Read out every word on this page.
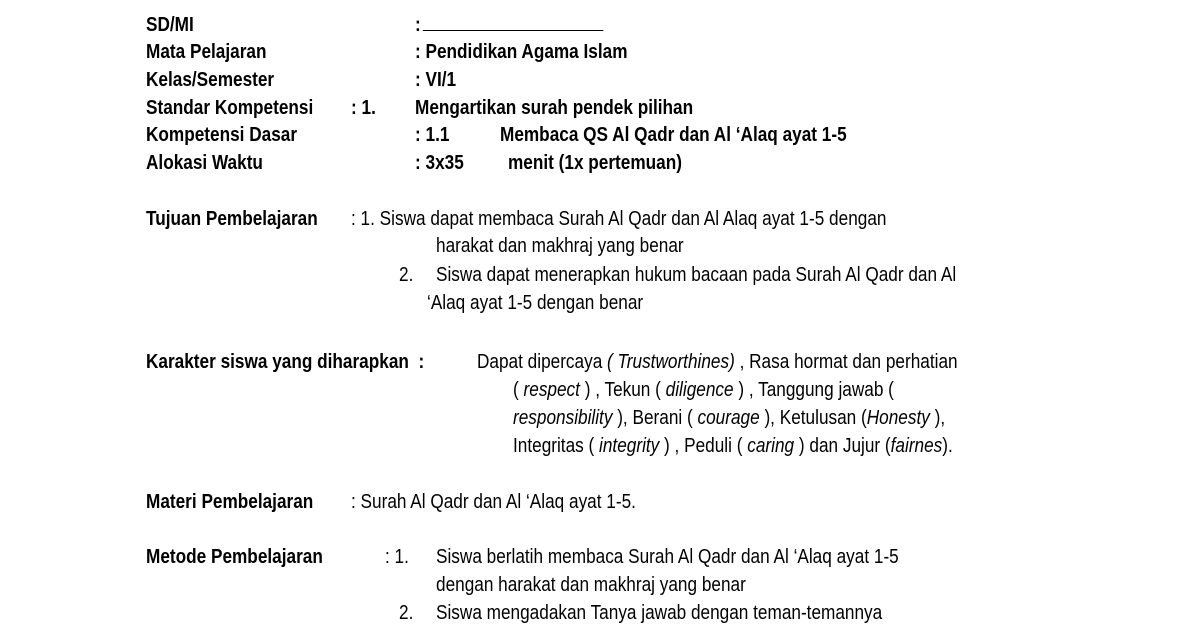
SD/MI	:
Mata Pelajaran	: Pendidikan Agama Islam
Kelas/Semester	: VI/1
Standar Kompetensi : 1. Mengartikan surah pendek pilihan
Kompetensi Dasar	: 1.1	Membaca QS Al Qadr dan Al ‘Alaq ayat 1-5
Alokasi Waktu	: 3x35 menit (1x pertemuan)
Tujuan Pembelajaran : 1. Siswa dapat membaca Surah Al Qadr dan Al Alaq ayat 1-5 dengan
harakat dan makhraj yang benar
2. Siswa dapat menerapkan hukum bacaan pada Surah Al Qadr dan Al
‘Alaq ayat 1-5 dengan benar
Karakter siswa yang diharapkan :	Dapat dipercaya ( Trustworthines) , Rasa hormat dan perhatian
( respect ) , Tekun ( diligence ) , Tanggung jawab (
responsibility ), Berani ( courage ), Ketulusan (Honesty ),
Integritas ( integrity ) , Peduli ( caring ) dan Jujur (fairnes).
Materi Pembelajaran : Surah Al Qadr dan Al ‘Alaq ayat 1-5.
Metode Pembelajaran	: 1. Siswa berlatih membaca Surah Al Qadr dan Al ‘Alaq ayat 1-5
dengan harakat dan makhraj yang benar
2. Siswa mengadakan Tanya jawab dengan teman-temannya
